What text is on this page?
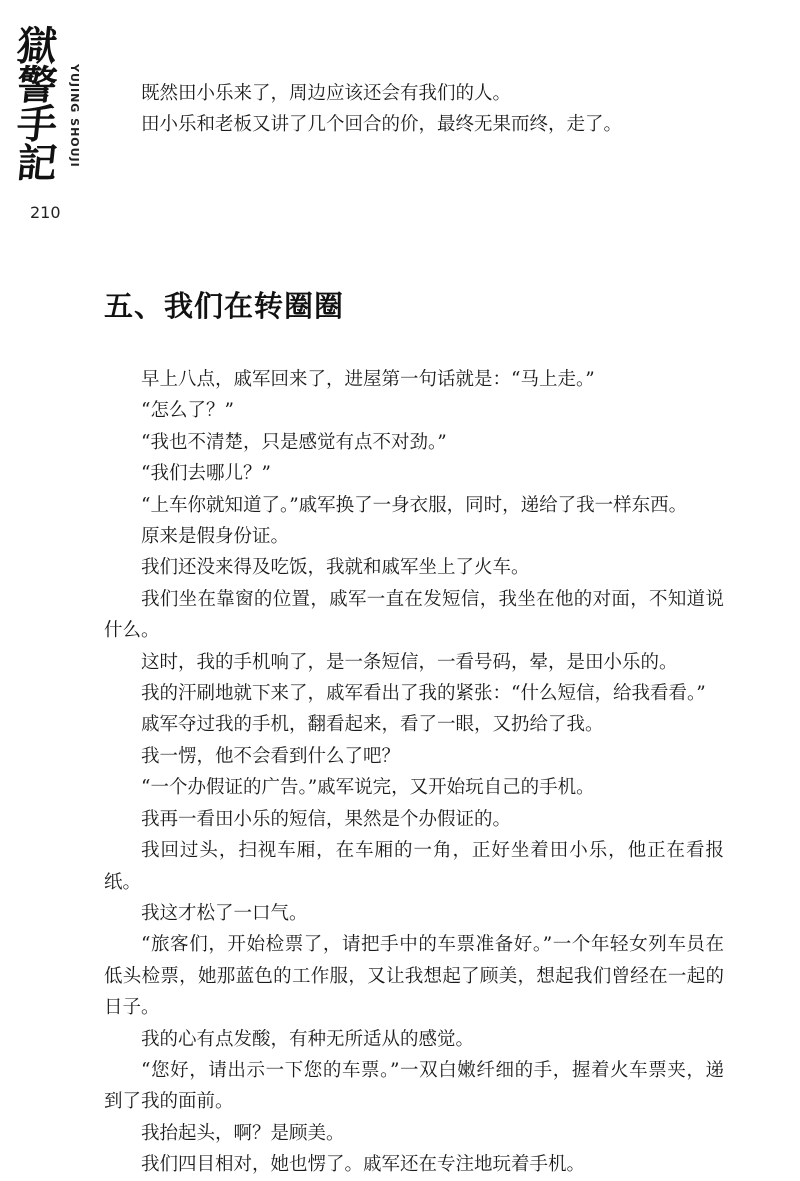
獄
警
手
記 YUJING SHOUJI
210

既然田小乐来了，周边应该还会有我们的人。

田小乐和老板又讲了几个回合的价，最终无果而终，走了。

五、我们在转圈圈

早上八点，戚军回来了，进屋第一句话就是：“马上走。”

“怎么了？”

“我也不清楚，只是感觉有点不对劲。”

“我们去哪儿？”

“上车你就知道了。”戚军换了一身衣服，同时，递给了我一样东西。

原来是假身份证。

我们还没来得及吃饭，我就和戚军坐上了火车。

我们坐在靠窗的位置，戚军一直在发短信，我坐在他的对面，不知道说什么。

这时，我的手机响了，是一条短信，一看号码，晕，是田小乐的。

我的汗刷地就下来了，戚军看出了我的紧张：“什么短信，给我看看。”

戚军夺过我的手机，翻看起来，看了一眼，又扔给了我。

我一愣，他不会看到什么了吧？

“一个办假证的广告。”戚军说完，又开始玩自己的手机。

我再一看田小乐的短信，果然是个办假证的。

我回过头，扫视车厢，在车厢的一角，正好坐着田小乐，他正在看报纸。

我这才松了一口气。

“旅客们，开始检票了，请把手中的车票准备好。”一个年轻女列车员在低头检票，她那蓝色的工作服，又让我想起了顾美，想起我们曾经在一起的日子。

我的心有点发酸，有种无所适从的感觉。

“您好，请出示一下您的车票。”一双白嫩纤细的手，握着火车票夹，递到了我的面前。

我抬起头，啊？是顾美。

我们四目相对，她也愣了。戚军还在专注地玩着手机。
